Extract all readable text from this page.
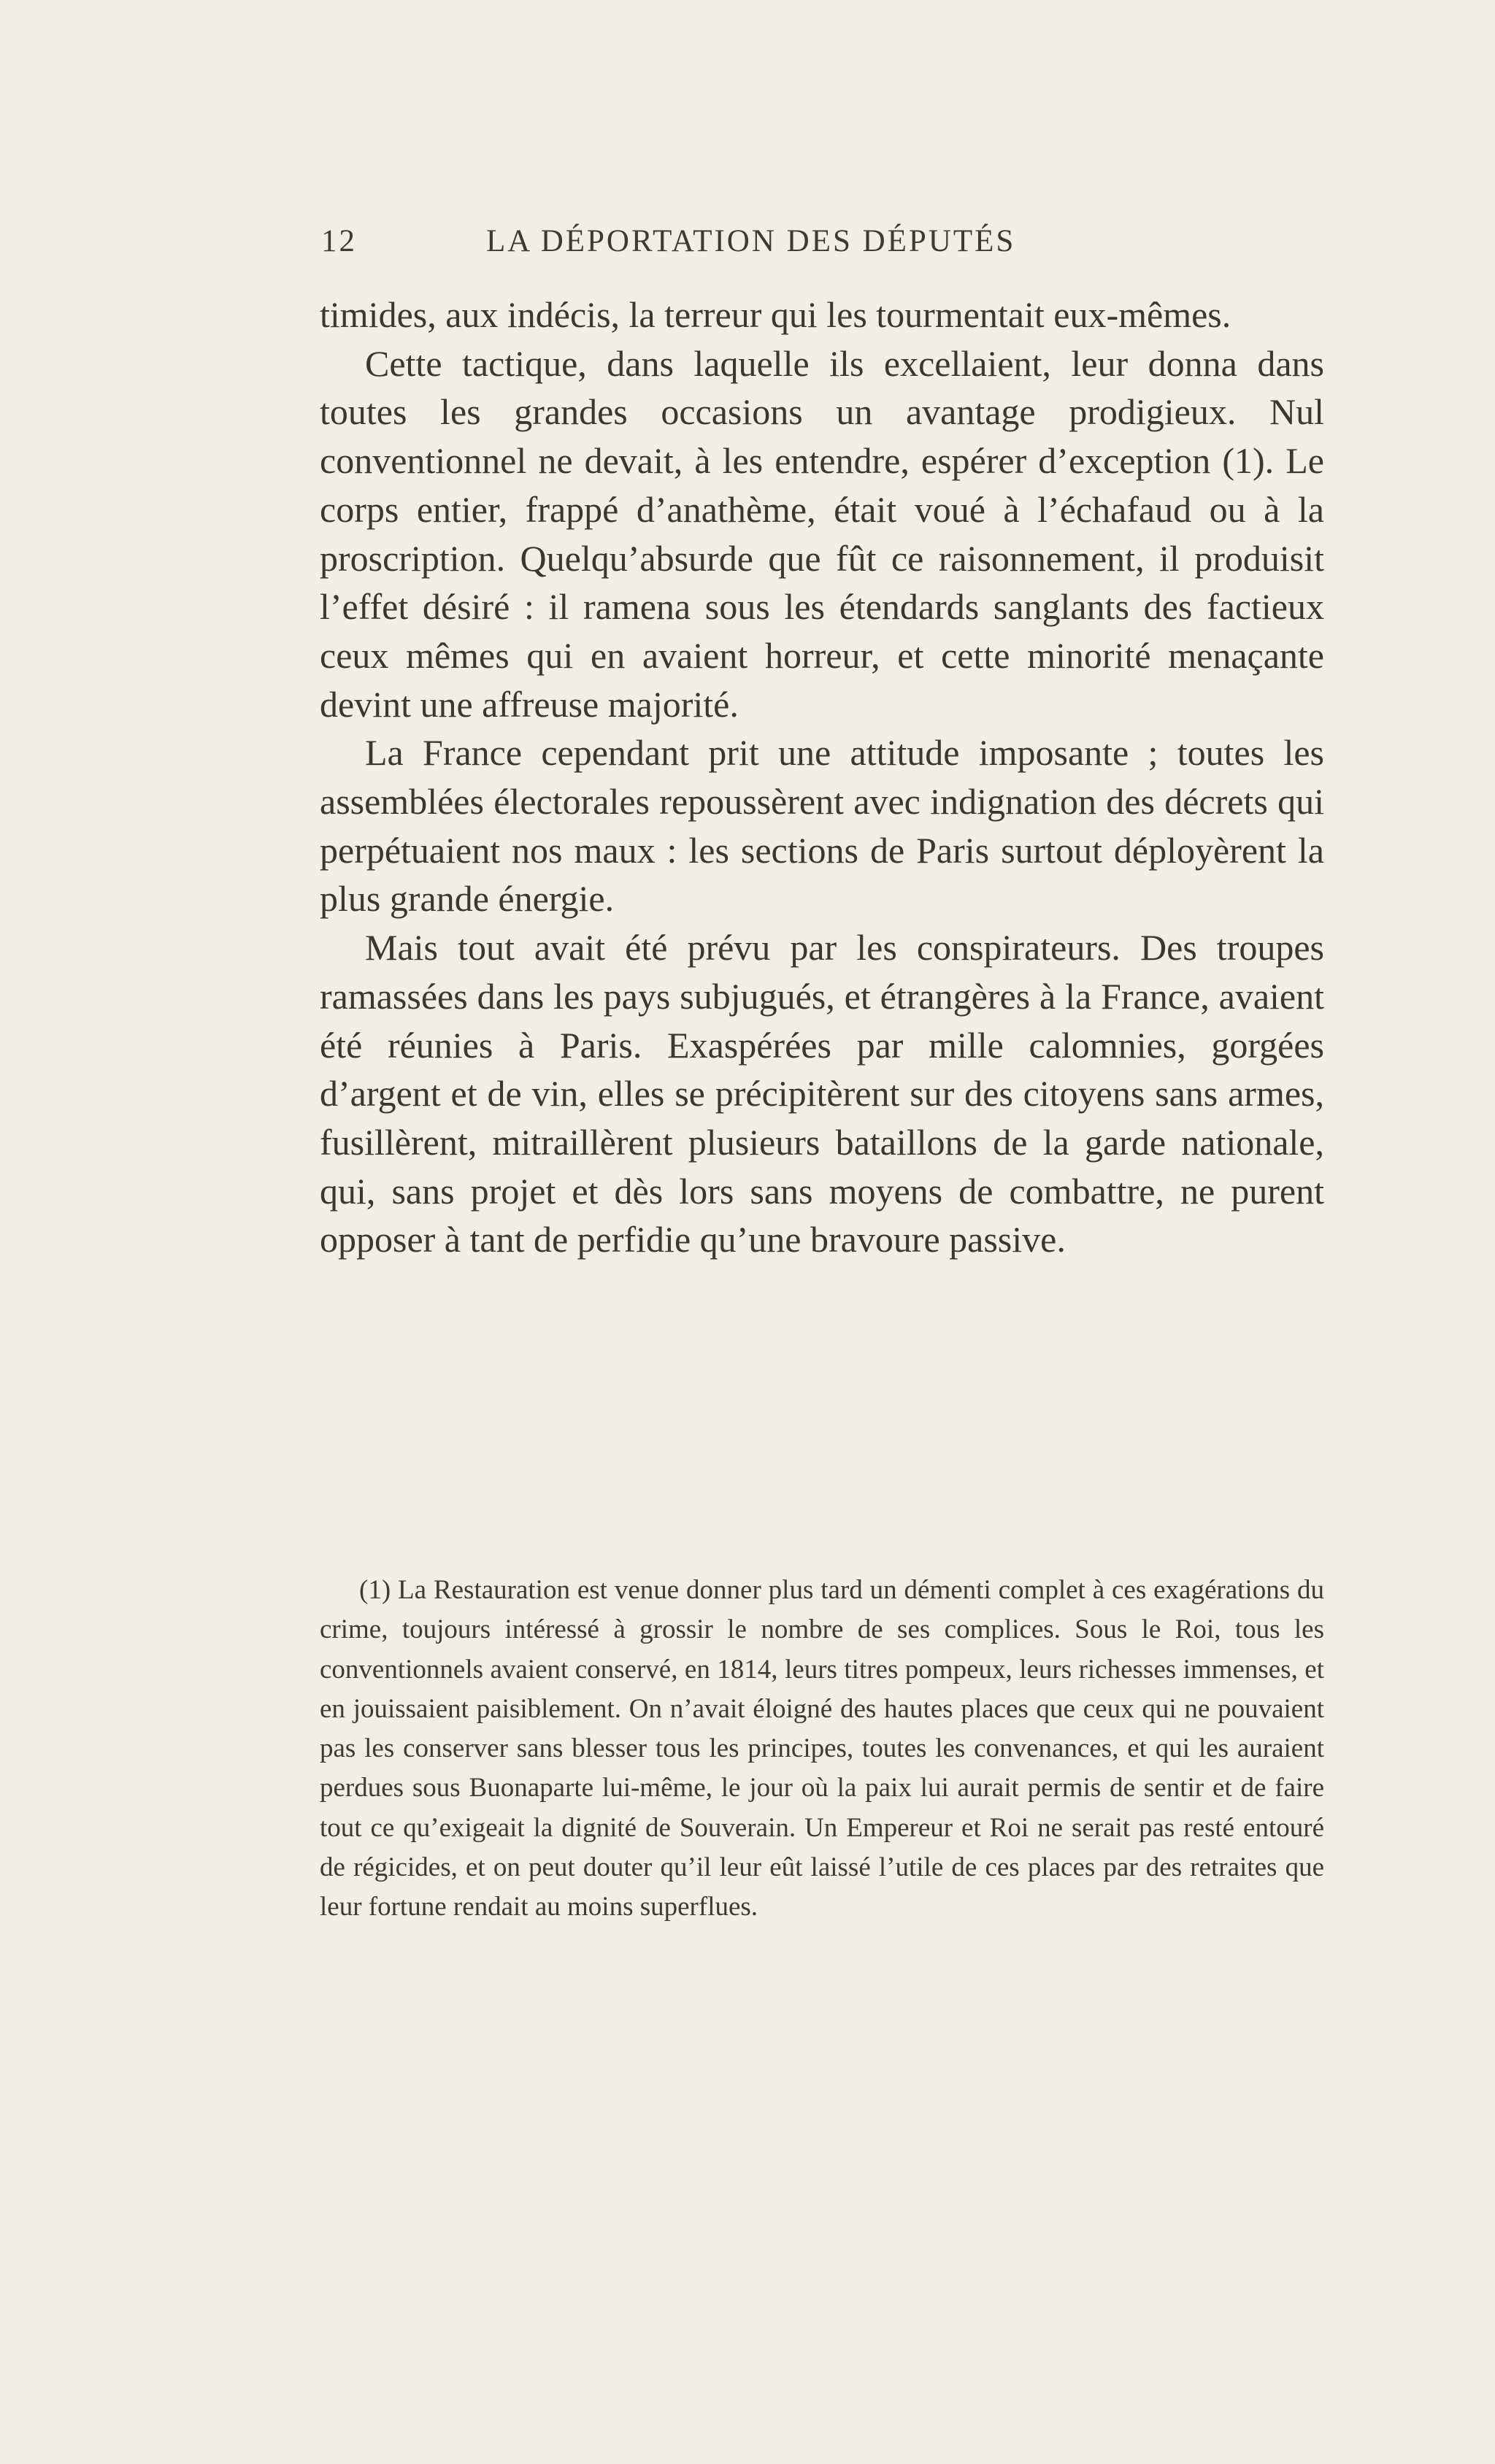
12	LA DÉPORTATION DES DÉPUTÉS

timides, aux indécis, la terreur qui les tourmentait eux-mêmes.

Cette tactique, dans laquelle ils excellaient, leur donna dans toutes les grandes occasions un avantage prodigieux. Nul conventionnel ne devait, à les entendre, espérer d’exception (1). Le corps entier, frappé d’anathème, était voué à l’échafaud ou à la proscription. Quelqu’absurde que fût ce raisonnement, il produisit l’effet désiré : il ramena sous les étendards sanglants des factieux ceux mêmes qui en avaient horreur, et cette minorité menaçante devint une affreuse majorité.

La France cependant prit une attitude imposante ; toutes les assemblées électorales repoussèrent avec indignation des décrets qui perpétuaient nos maux : les sections de Paris surtout déployèrent la plus grande énergie.

Mais tout avait été prévu par les conspirateurs. Des troupes ramassées dans les pays subjugués, et étrangères à la France, avaient été réunies à Paris. Exaspérées par mille calomnies, gorgées d’argent et de vin, elles se précipitèrent sur des citoyens sans armes, fusillèrent, mitraillèrent plusieurs bataillons de la garde nationale, qui, sans projet et dès lors sans moyens de combattre, ne purent opposer à tant de perfidie qu’une bravoure passive.

(1) La Restauration est venue donner plus tard un démenti complet à ces exagérations du crime, toujours intéressé à grossir le nombre de ses complices. Sous le Roi, tous les conventionnels avaient conservé, en 1814, leurs titres pompeux, leurs richesses immenses, et en jouissaient paisiblement. On n’avait éloigné des hautes places que ceux qui ne pouvaient pas les conserver sans blesser tous les principes, toutes les convenances, et qui les auraient perdues sous Buonaparte lui-même, le jour où la paix lui aurait permis de sentir et de faire tout ce qu’exigeait la dignité de Souverain. Un Empereur et Roi ne serait pas resté entouré de régicides, et on peut douter qu’il leur eût laissé l’utile de ces places par des retraites que leur fortune rendait au moins superflues.
